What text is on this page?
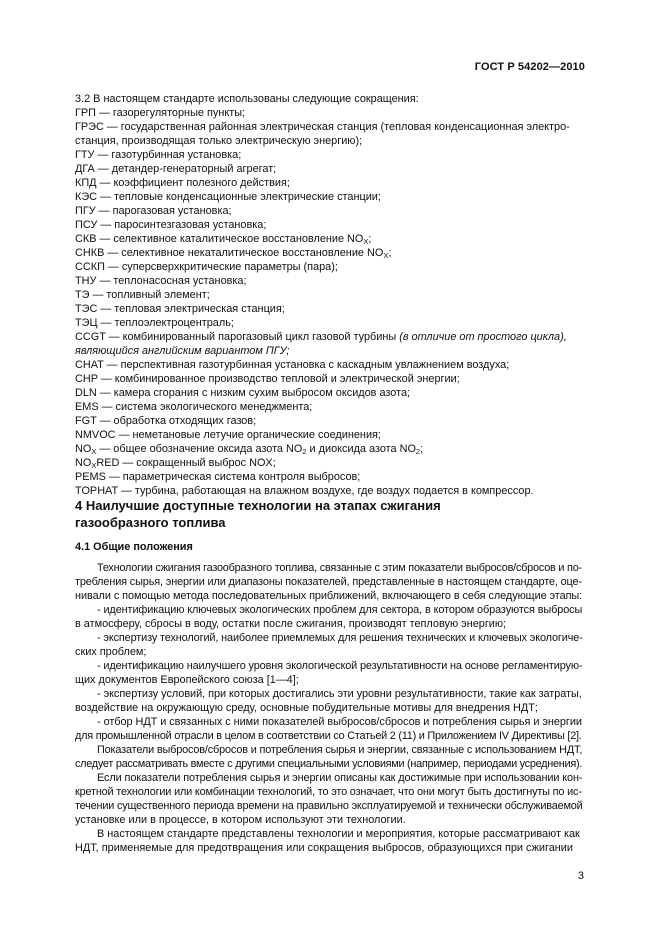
ГОСТ Р 54202—2010
3.2 В настоящем стандарте использованы следующие сокращения:
ГРП — газорегуляторные пункты;
ГРЭС — государственная районная электрическая станция (тепловая конденсационная электро-
станция, производящая только электрическую энергию);
ГТУ — газотурбинная установка;
ДГА — детандер-генераторный агрегат;
КПД — коэффициент полезного действия;
КЭС — тепловые конденсационные электрические станции;
ПГУ — парогазовая установка;
ПСУ — паросинтезгазовая установка;
СКВ — селективное каталитическое восстановление $NO_X$;
СНКВ — селективное некаталитическое восстановление $NO_X$;
ССКП — суперсверхкритические параметры (пара);
ТНУ — теплонасосная установка;
ТЭ — топливный элемент;
ТЭС — тепловая электрическая станция;
ТЭЦ — теплоэлектроцентраль;
CCGT — комбинированный парогазовый цикл газовой турбины (в отличие от простого цикла),
являющийся английским вариантом ПГУ;
CHAT — перспективная газотурбинная установка с каскадным увлажнением воздуха;
CHP — комбинированное производство тепловой и электрической энергии;
DLN — камера сгорания с низким сухим выбросом оксидов азота;
EMS — система экологического менеджмента;
FGT — обработка отходящих газов;
NMVOC — неметановые летучие органические соединения;
$NO_X$ — общее обозначение оксида азота $NO_2$ и диоксида азота $NO_2$;
$NO_XRED$ — сокращенный выброс NOX;
PEMS — параметрическая система контроля выбросов;
TOPHAT — турбина, работающая на влажном воздухе, где воздух подается в компрессор.
4 Наилучшие доступные технологии на этапах сжигания
газообразного топлива
4.1 Общие положения
Технологии сжигания газообразного топлива, связанные с этим показатели выбросов/сбросов и по-
требления сырья, энергии или диапазоны показателей, представленные в настоящем стандарте, оце-
нивали с помощью метода последовательных приближений, включающего в себя следующие этапы:
- идентификацию ключевых экологических проблем для сектора, в котором образуются выбросы
в атмосферу, сбросы в воду, остатки после сжигания, производят тепловую энергию;
- экспертизу технологий, наиболее приемлемых для решения технических и ключевых экологиче-
ских проблем;
- идентификацию наилучшего уровня экологической результативности на основе регламентирую-
щих документов Европейского союза [1—4];
- экспертизу условий, при которых достигались эти уровни результативности, такие как затраты,
воздействие на окружающую среду, основные побудительные мотивы для внедрения НДТ;
- отбор НДТ и связанных с ними показателей выбросов/сбросов и потребления сырья и энергии
для промышленной отрасли в целом в соответствии со Статьей 2 (11) и Приложением IV Директивы [2].
Показатели выбросов/сбросов и потребления сырья и энергии, связанные с использованием НДТ,
следует рассматривать вместе с другими специальными условиями (например, периодами усреднения).
Если показатели потребления сырья и энергии описаны как достижимые при использовании кон-
кретной технологии или комбинации технологий, то это означает, что они могут быть достигнуты по ис-
течении существенного периода времени на правильно эксплуатируемой и технически обслуживаемой
установке или в процессе, в котором используют эти технологии.
В настоящем стандарте представлены технологии и мероприятия, которые рассматривают как
НДТ, применяемые для предотвращения или сокращения выбросов, образующихся при сжигании
3
